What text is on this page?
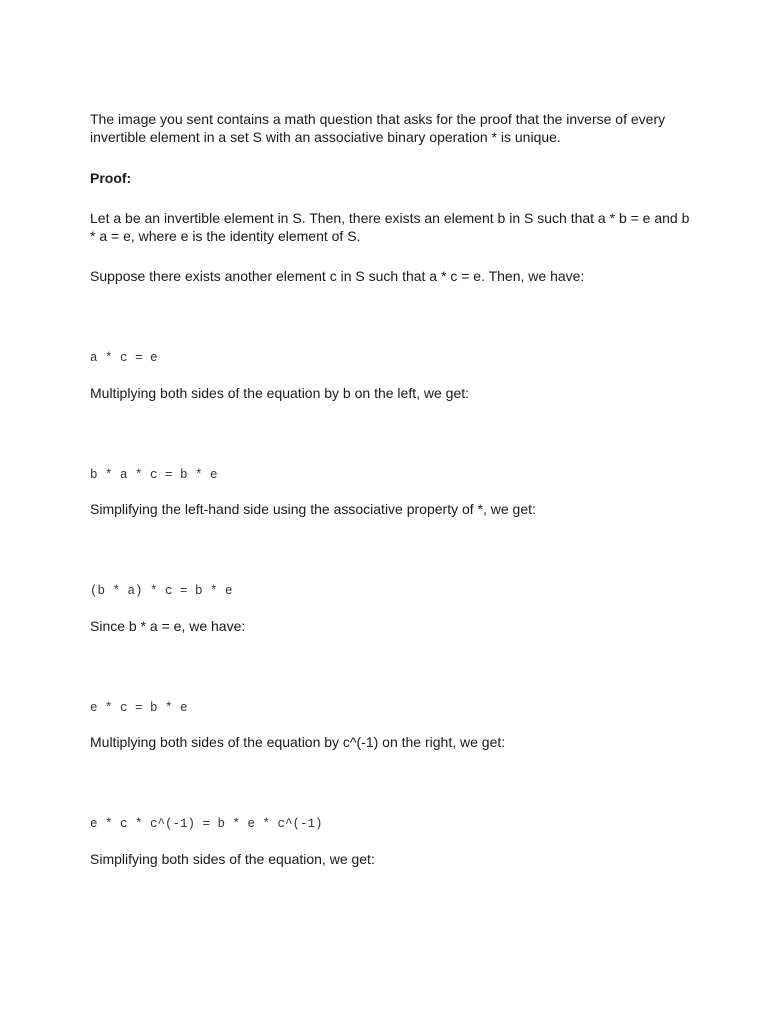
The image you sent contains a math question that asks for the proof that the inverse of every invertible element in a set S with an associative binary operation * is unique.

Proof:

Let a be an invertible element in S. Then, there exists an element b in S such that a * b = e and b * a = e, where e is the identity element of S.

Suppose there exists another element c in S such that a * c = e. Then, we have:

a * c = e

Multiplying both sides of the equation by b on the left, we get:

b * a * c = b * e

Simplifying the left-hand side using the associative property of *, we get:

(b * a) * c = b * e

Since b * a = e, we have:

e * c = b * e

Multiplying both sides of the equation by c^(-1) on the right, we get:

e * c * c^(-1) = b * e * c^(-1)

Simplifying both sides of the equation, we get:
